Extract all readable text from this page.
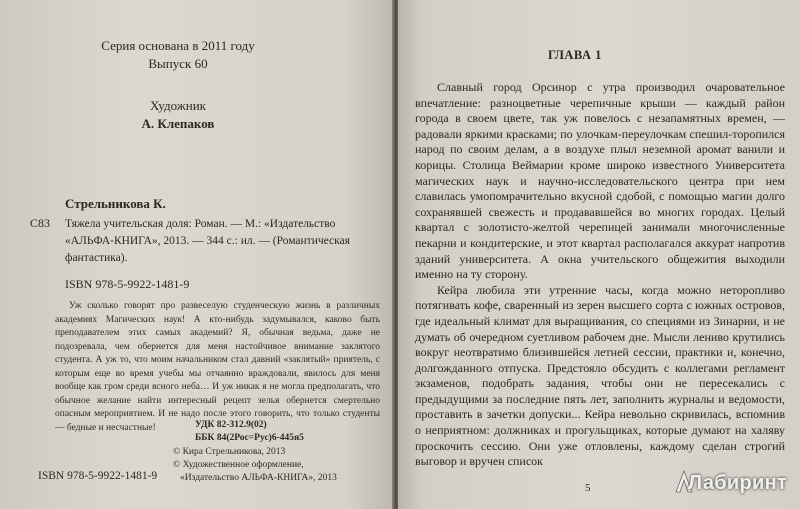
Серия основана в 2011 году
Выпуск 60
Художник
А. Клепаков
Стрельникова К.
С83 Тяжела учительская доля: Роман. — М.: «Издательство «АЛЬФА-КНИГА», 2013. — 344 с.: ил. — (Романтическая фантастика).
ISBN 978-5-9922-1481-9
Уж сколько говорят про развеселую студенческую жизнь в различных академиях Магических наук! А кто-нибудь задумывался, каково быть преподавателем этих самых академий? Я, обычная ведьма, даже не подозревала, чем обернется для меня настойчивое внимание заклятого студента. А уж то, что моим начальником стал давний «заклятый» приятель, с которым еще во время учебы мы отчаянно враждовали, явилось для меня вообще как гром среди ясного неба… И уж никак я не могла предполагать, что обычное желание найти интересный рецепт зелья обернется смертельно опасным мероприятием. И не надо после этого говорить, что только студенты — бедные и несчастные!	УДК 82-312.9(02)
ББК 84(2Рос=Рус)6-445я5
© Кира Стрельникова, 2013
© Художественное оформление,
«Издательство АЛЬФА-КНИГА», 2013
ISBN 978-5-9922-1481-9
ГЛАВА 1

Славный город Орсинор с утра производил очаровательное впечатление: разноцветные черепичные крыши — каждый район города в своем цвете, так уж повелось с незапамятных времен, — радовали яркими красками; по улочкам-переулочкам спешил-торопился народ по своим делам, а в воздухе плыл неземной аромат ванили и корицы. Столица Веймарии кроме широко известного Университета магических наук и научно-исследовательского центра при нем славилась умопомрачительно вкусной сдобой, с помощью магии долго сохранявшей свежесть и продававшейся во многих городах. Целый квартал с золотисто-желтой черепицей занимали многочисленные пекарни и кондитерские, и этот квартал располагался аккурат напротив зданий университета. А окна учительского общежития выходили именно на ту сторону.

Кейра любила эти утренние часы, когда можно неторопливо потягивать кофе, сваренный из зерен высшего сорта с южных островов, где идеальный климат для выращивания, со специями из Зинарии, и не думать об очередном суетливом рабочем дне. Мысли лениво крутились вокруг неотвратимо близившейся летней сессии, практики и, конечно, долгожданного отпуска. Предстояло обсудить с коллегами регламент экзаменов, подобрать задания, чтобы они не пересекались с предыдущими за последние пять лет, заполнить журналы и ведомости, проставить в зачетки допуски... Кейра невольно скривилась, вспомнив о неприятном: должниках и прогульщиках, которые думают на халяву проскочить сессию. Они уже отловлены, каждому сделан строгий выговор и вручен список

5	Лабиринт
